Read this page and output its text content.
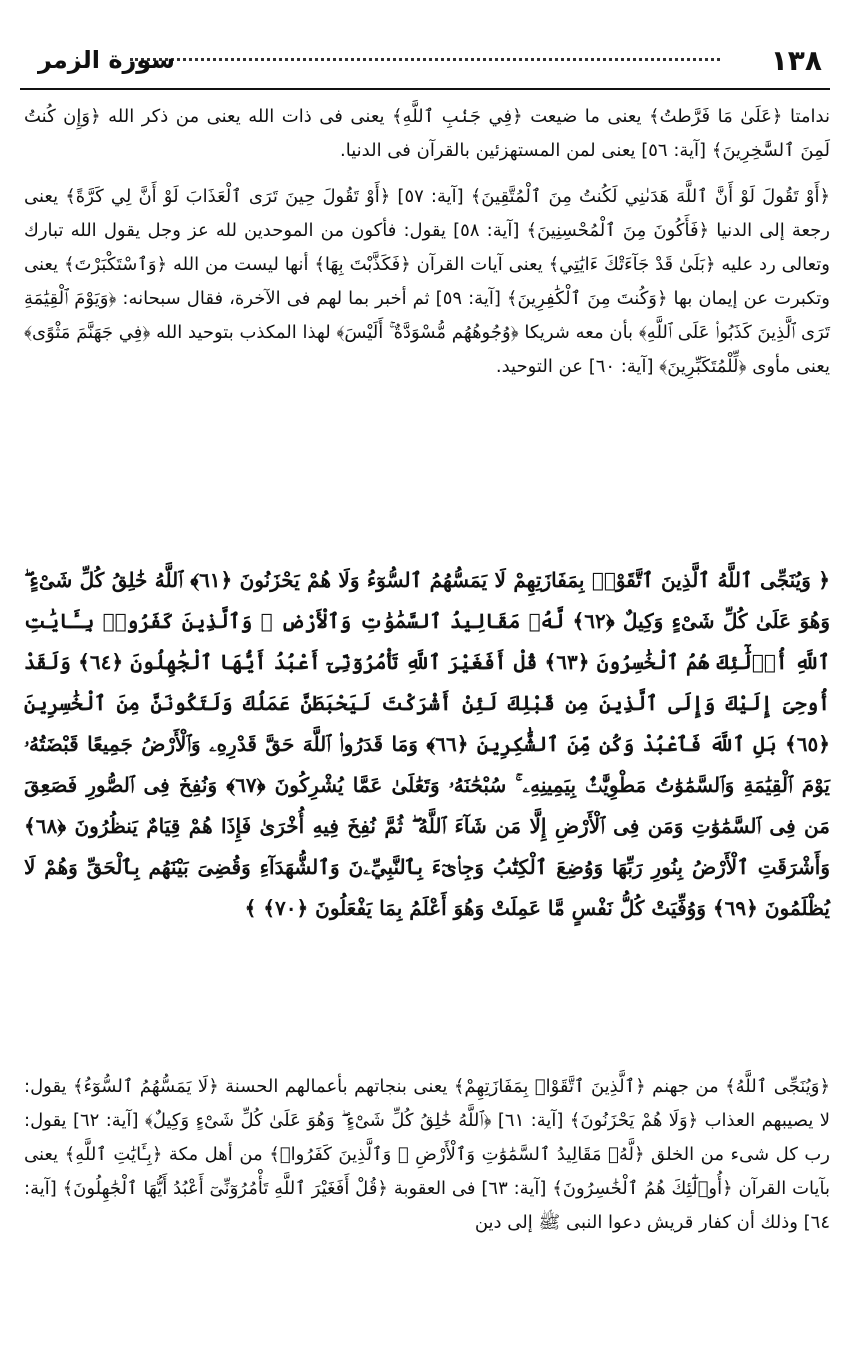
١٣٨
سورة الزمر

ندامتا ﴿عَلَىٰ مَا فَرَّطتُ﴾ يعنى ما ضيعت ﴿فِي جَنۢبِ ٱللَّهِ﴾ يعنى فى ذات الله يعنى من ذكر الله ﴿وَإِن كُنتُ لَمِنَ ٱلسَّٰخِرِينَ﴾ [آية: ٥٦] يعنى لمن المستهزئين بالقرآن فى الدنيا.

﴿أَوْ تَقُولَ لَوْ أَنَّ ٱللَّهَ هَدَىٰنِي لَكُنتُ مِنَ ٱلْمُتَّقِينَ﴾ [آية: ٥٧] ﴿أَوْ تَقُولَ حِينَ تَرَى ٱلْعَذَابَ لَوْ أَنَّ لِي كَرَّةً﴾ يعنى رجعة إلى الدنيا ﴿فَأَكُونَ مِنَ ٱلْمُحْسِنِينَ﴾ [آية: ٥٨] يقول: فأكون من الموحدين لله عز وجل يقول الله تبارك وتعالى رد عليه ﴿بَلَىٰ قَدْ جَآءَتْكَ ءَايَٰتِي﴾ يعنى آيات القرآن ﴿فَكَذَّبْتَ بِهَا﴾ أنها ليست من الله ﴿وَٱسْتَكْبَرْتَ﴾ يعنى وتكبرت عن إيمان بها ﴿وَكُنتَ مِنَ ٱلْكَٰفِرِينَ﴾ [آية: ٥٩] ثم أخبر بما لهم فى الآخرة، فقال سبحانه: ﴿وَيَوْمَ ٱلْقِيَٰمَةِ تَرَى ٱلَّذِينَ كَذَبُوا۟ عَلَى ٱللَّهِ﴾ بأن معه شريكا ﴿وُجُوهُهُم مُّسْوَدَّةٌ ۚ أَلَيْسَ﴾ لهذا المكذب بتوحيد الله ﴿فِي جَهَنَّمَ مَثْوًى﴾ يعنى مأوى ﴿لِّلْمُتَكَبِّرِينَ﴾ [آية: ٦٠] عن التوحيد.

﴿ وَيُنَجِّى ٱللَّهُ ٱلَّذِينَ ٱتَّقَوْا۟ بِمَفَازَتِهِمْ لَا يَمَسُّهُمُ ٱلسُّوٓءُ وَلَا هُمْ يَحْزَنُونَ ﴿٦١﴾ ٱللَّهُ خَٰلِقُ كُلِّ شَىْءٍ ۖ وَهُوَ عَلَىٰ كُلِّ شَىْءٍ وَكِيلٌ ﴿٦٢﴾ لَّهُۥ مَقَالِيدُ ٱلسَّمَٰوَٰتِ وَٱلْأَرْضِ ۗ وَٱلَّذِينَ كَفَرُوا۟ بِـَٔايَٰتِ ٱللَّهِ أُو۟لَٰٓئِكَ هُمُ ٱلْخَٰسِرُونَ ﴿٦٣﴾ قُلْ أَفَغَيْرَ ٱللَّهِ تَأْمُرُوٓنِّىٓ أَعْبُدُ أَيُّهَا ٱلْجَٰهِلُونَ ﴿٦٤﴾ وَلَقَدْ أُوحِىَ إِلَيْكَ وَإِلَى ٱلَّذِينَ مِن قَبْلِكَ لَئِنْ أَشْرَكْتَ لَيَحْبَطَنَّ عَمَلُكَ وَلَتَكُونَنَّ مِنَ ٱلْخَٰسِرِينَ ﴿٦٥﴾ بَلِ ٱللَّهَ فَٱعْبُدْ وَكُن مِّنَ ٱلشَّٰكِرِينَ ﴿٦٦﴾ وَمَا قَدَرُوا۟ ٱللَّهَ حَقَّ قَدْرِهِۦ وَٱلْأَرْضُ جَمِيعًا قَبْضَتُهُۥ يَوْمَ ٱلْقِيَٰمَةِ وَٱلسَّمَٰوَٰتُ مَطْوِيَّٰتٌۢ بِيَمِينِهِۦ ۚ سُبْحَٰنَهُۥ وَتَعَٰلَىٰ عَمَّا يُشْرِكُونَ ﴿٦٧﴾ وَنُفِخَ فِى ٱلصُّورِ فَصَعِقَ مَن فِى ٱلسَّمَٰوَٰتِ وَمَن فِى ٱلْأَرْضِ إِلَّا مَن شَآءَ ٱللَّهُ ۖ ثُمَّ نُفِخَ فِيهِ أُخْرَىٰ فَإِذَا هُمْ قِيَامٌ يَنظُرُونَ ﴿٦٨﴾ وَأَشْرَقَتِ ٱلْأَرْضُ بِنُورِ رَبِّهَا وَوُضِعَ ٱلْكِتَٰبُ وَجِا۟ىٓءَ بِٱلنَّبِيِّۦنَ وَٱلشُّهَدَآءِ وَقُضِىَ بَيْنَهُم بِٱلْحَقِّ وَهُمْ لَا يُظْلَمُونَ ﴿٦٩﴾ وَوُفِّيَتْ كُلُّ نَفْسٍ مَّا عَمِلَتْ وَهُوَ أَعْلَمُ بِمَا يَفْعَلُونَ ﴿٧٠﴾ ﴾

﴿وَيُنَجِّى ٱللَّهُ﴾ من جهنم ﴿ٱلَّذِينَ ٱتَّقَوْا۟ بِمَفَازَتِهِمْ﴾ يعنى بنجاتهم بأعمالهم الحسنة ﴿لَا يَمَسُّهُمُ ٱلسُّوٓءُ﴾ يقول: لا يصيبهم العذاب ﴿وَلَا هُمْ يَحْزَنُونَ﴾ [آية: ٦١] ﴿ٱللَّهُ خَٰلِقُ كُلِّ شَىْءٍ ۖ وَهُوَ عَلَىٰ كُلِّ شَىْءٍ وَكِيلٌ﴾ [آية: ٦٢] يقول: رب كل شىء من الخلق ﴿لَّهُۥ مَقَالِيدُ ٱلسَّمَٰوَٰتِ وَٱلْأَرْضِ ۗ وَٱلَّذِينَ كَفَرُوا۟﴾ من أهل مكة ﴿بِـَٔايَٰتِ ٱللَّهِ﴾ يعنى بآيات القرآن ﴿أُو۟لَٰٓئِكَ هُمُ ٱلْخَٰسِرُونَ﴾ [آية: ٦٣] فى العقوبة ﴿قُلْ أَفَغَيْرَ ٱللَّهِ تَأْمُرُوٓنِّىٓ أَعْبُدُ أَيُّهَا ٱلْجَٰهِلُونَ﴾ [آية: ٦٤] وذلك أن كفار قريش دعوا النبى ﷺ إلى دين
